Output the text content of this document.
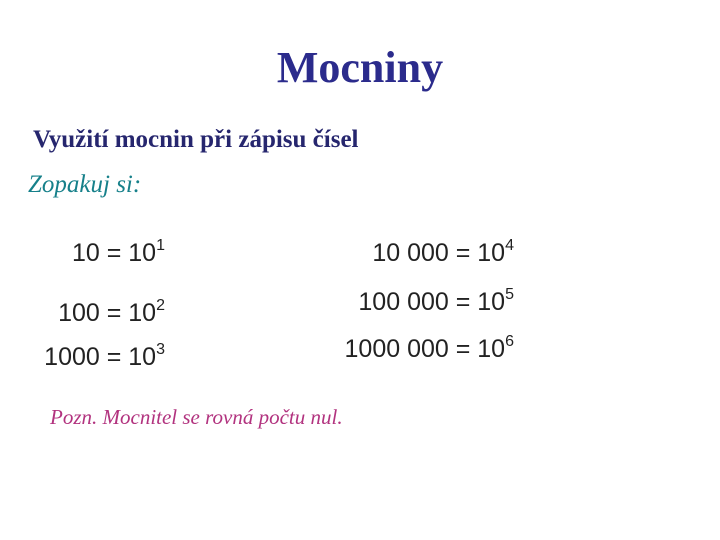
Mocniny
Využití mocnin při zápisu čísel
Zopakuj si:
$10 = 10^1$
$100 = 10^2$
$1000 = 10^3$
10 $000 = 10^4$
100 $000 = 10^5$
1000 $000 = 10^6$
Pozn. Mocnitel se rovná počtu nul.
